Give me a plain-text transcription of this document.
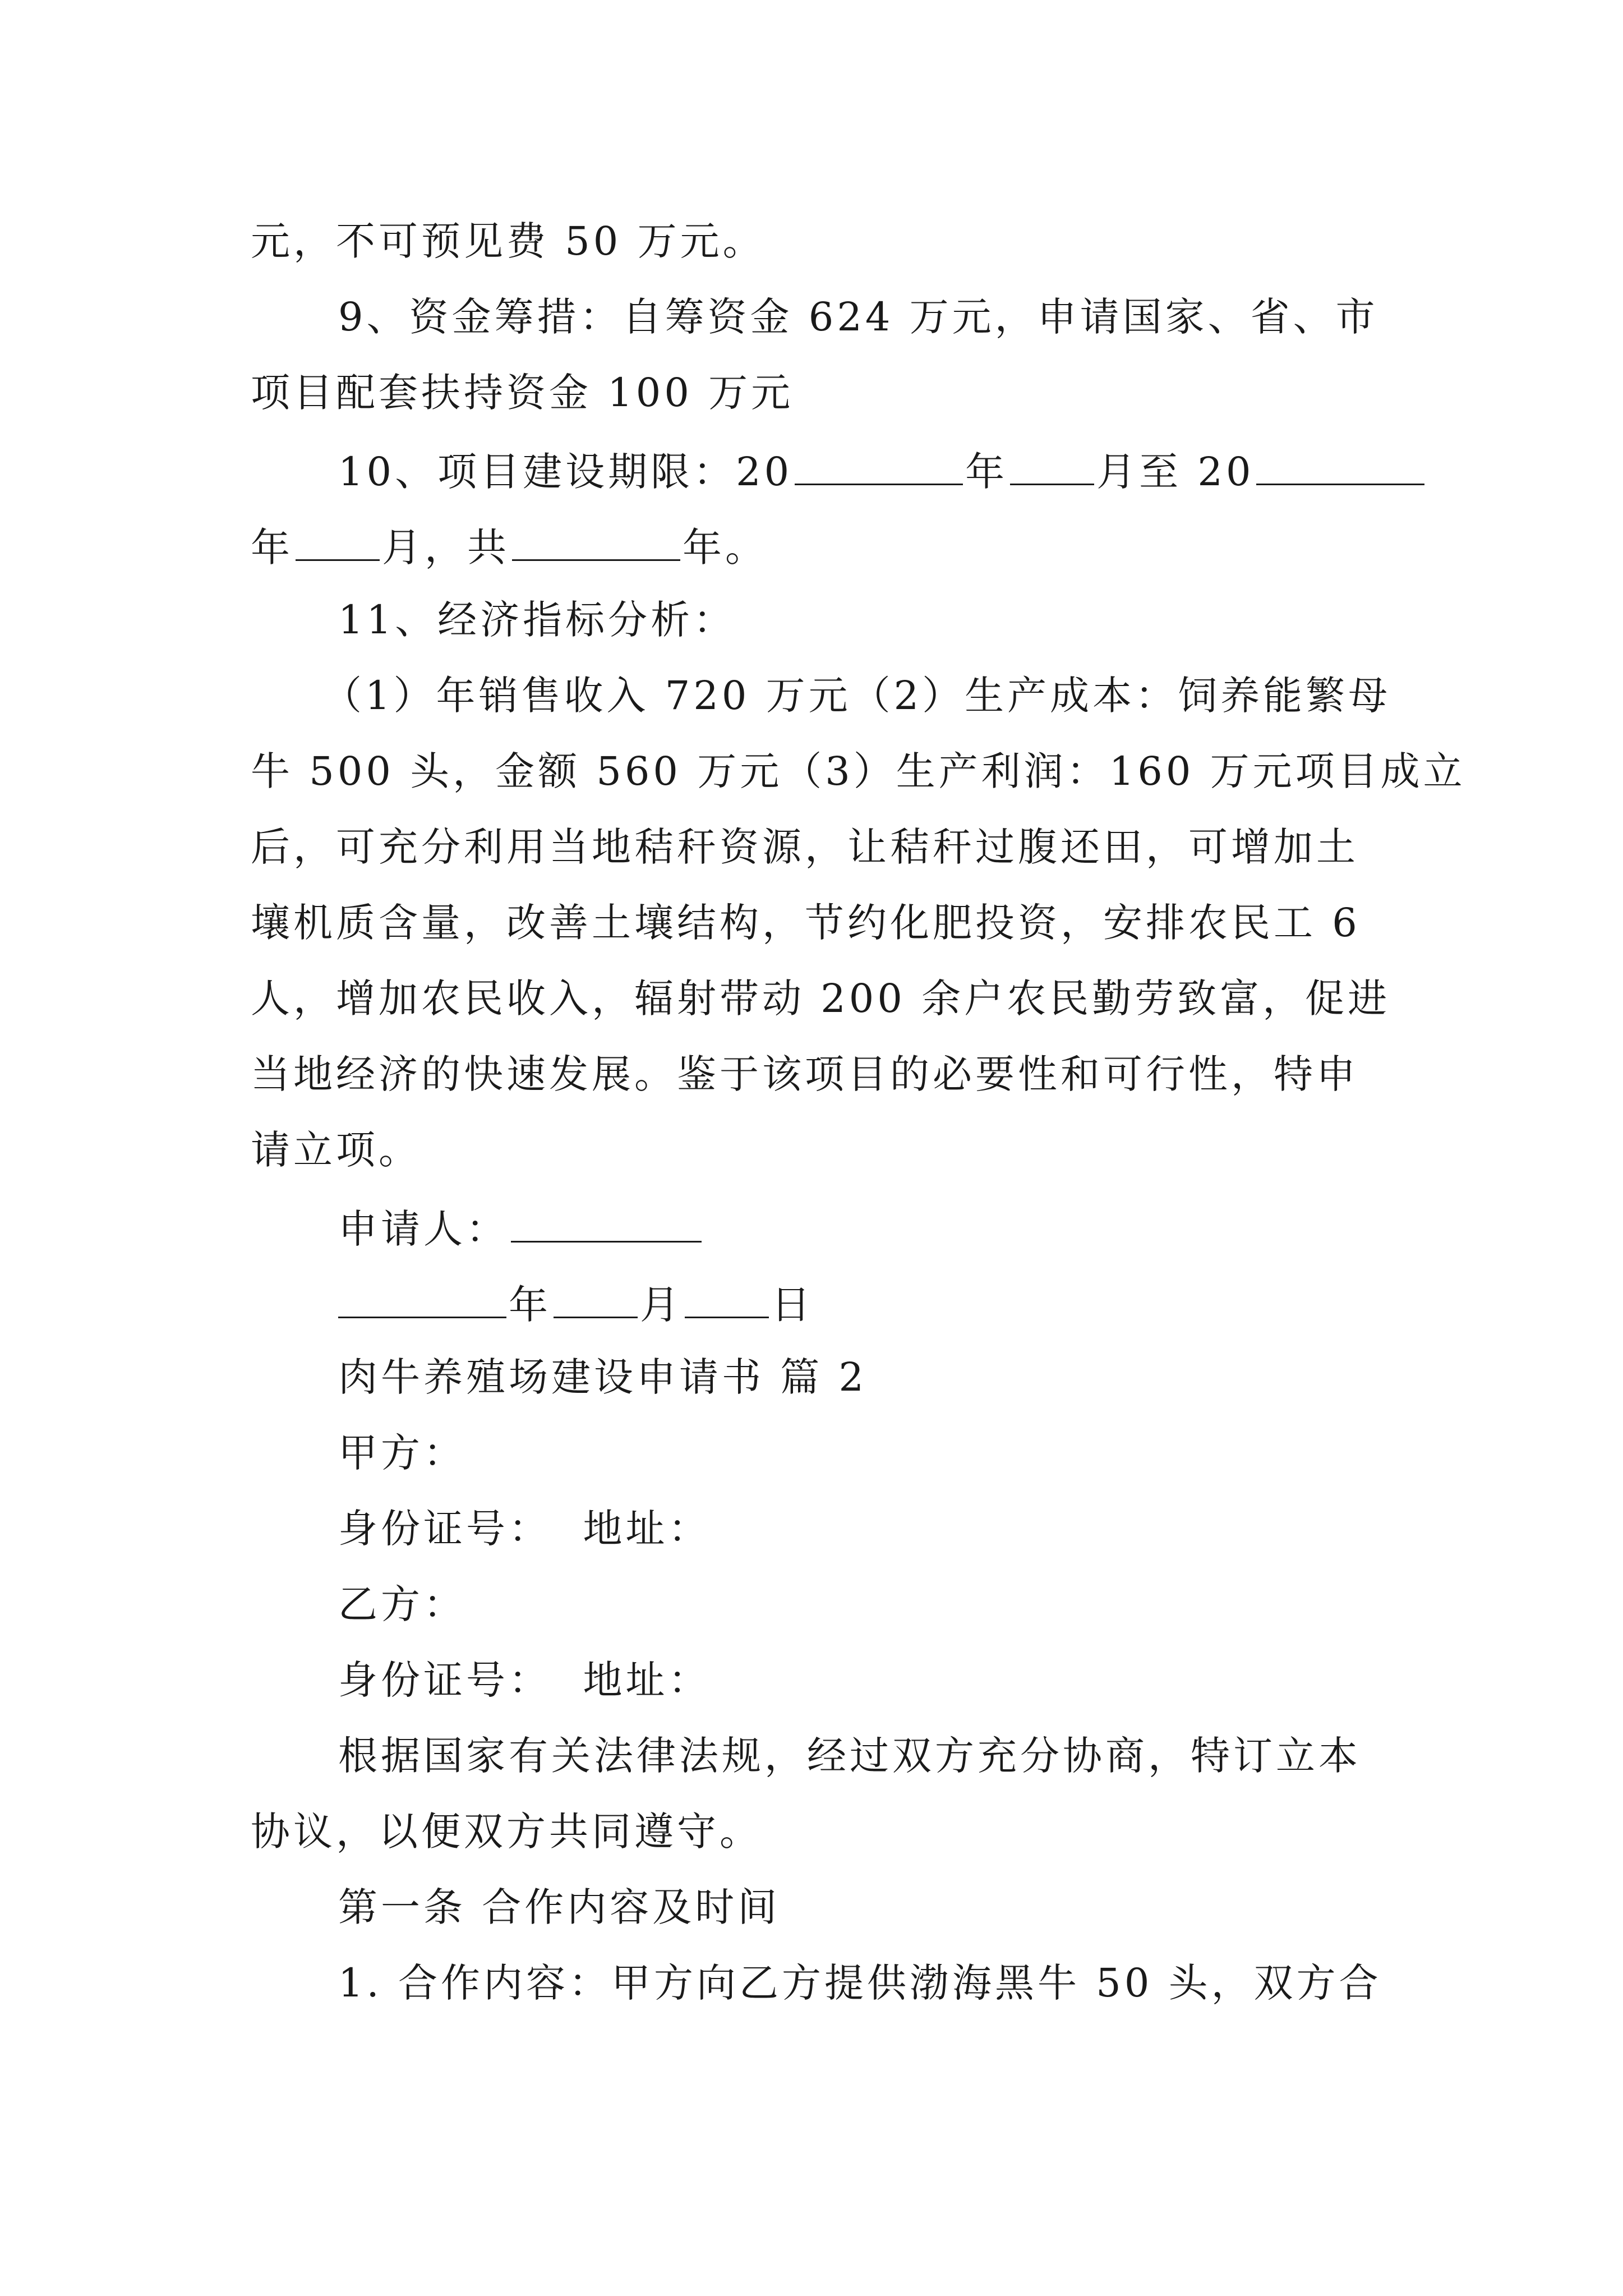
元，不可预见费 50 万元。
9、资金筹措：自筹资金 624 万元，申请国家、省、市
项目配套扶持资金 100 万元
10、项目建设期限：20	年 月至 20
年 月，共	年。
11、经济指标分析：
（1）年销售收入 720 万元（2）生产成本：饲养能繁母
牛 500 头，金额 560 万元（3）生产利润：160 万元项目成立
后，可充分利用当地秸秆资源，让秸秆过腹还田，可增加土
壤机质含量，改善土壤结构，节约化肥投资，安排农民工 6
人，增加农民收入，辐射带动 200 余户农民勤劳致富，促进
当地经济的快速发展。鉴于该项目的必要性和可行性，特申
请立项。
申请人：
年 月 日
肉牛养殖场建设申请书 篇 2
甲方：
身份证号：  地址：
乙方：
身份证号：  地址：
根据国家有关法律法规，经过双方充分协商，特订立本
协议，以便双方共同遵守。
第一条 合作内容及时间
1. 合作内容：甲方向乙方提供渤海黑牛 50 头，双方合
